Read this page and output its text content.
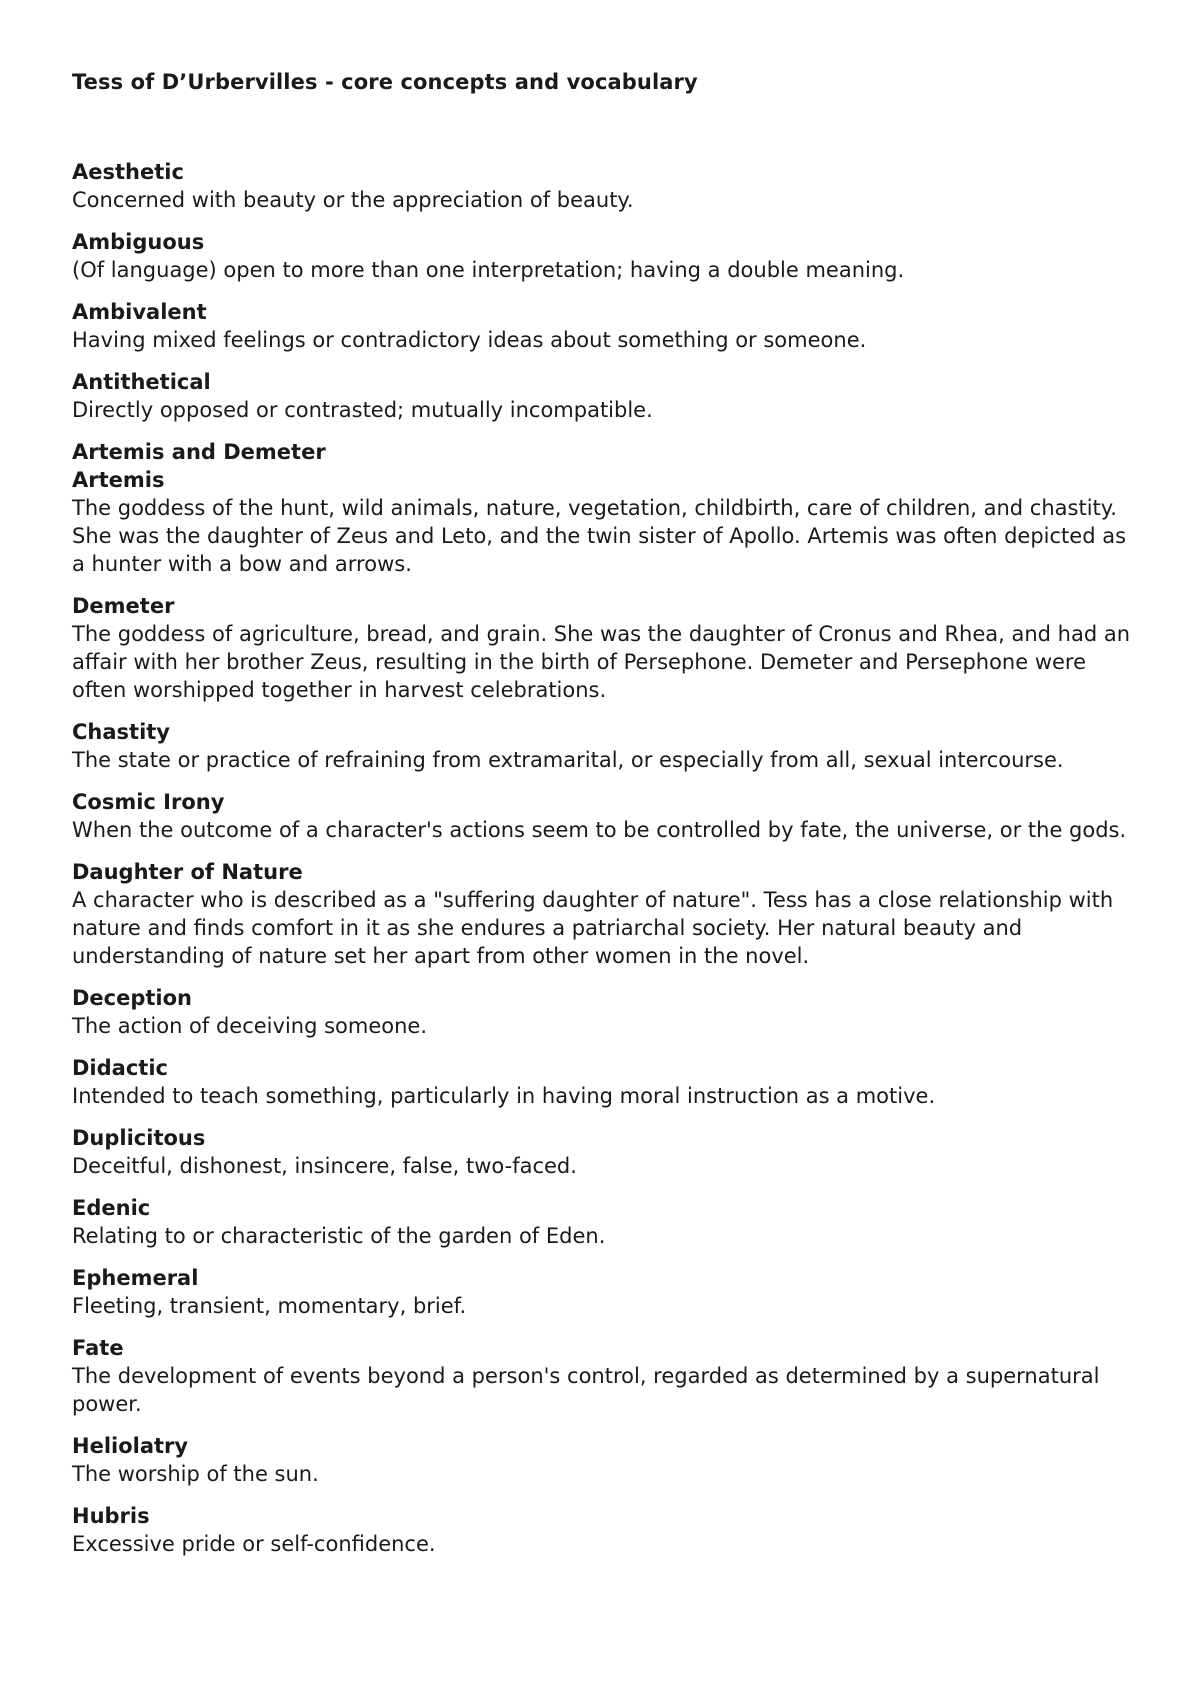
Tess of D’Urbervilles - core concepts and vocabulary
Aesthetic
Concerned with beauty or the appreciation of beauty.
Ambiguous
(Of language) open to more than one interpretation; having a double meaning.
Ambivalent
Having mixed feelings or contradictory ideas about something or someone.
Antithetical
Directly opposed or contrasted; mutually incompatible.
Artemis and Demeter
Artemis
The goddess of the hunt, wild animals, nature, vegetation, childbirth, care of children, and chastity. She was the daughter of Zeus and Leto, and the twin sister of Apollo. Artemis was often depicted as a hunter with a bow and arrows.
Demeter
The goddess of agriculture, bread, and grain. She was the daughter of Cronus and Rhea, and had an affair with her brother Zeus, resulting in the birth of Persephone. Demeter and Persephone were often worshipped together in harvest celebrations.
Chastity
The state or practice of refraining from extramarital, or especially from all, sexual intercourse.
Cosmic Irony
When the outcome of a character's actions seem to be controlled by fate, the universe, or the gods.
Daughter of Nature
A character who is described as a "suffering daughter of nature". Tess has a close relationship with nature and finds comfort in it as she endures a patriarchal society. Her natural beauty and understanding of nature set her apart from other women in the novel.
Deception
The action of deceiving someone.
Didactic
Intended to teach something, particularly in having moral instruction as a motive.
Duplicitous
Deceitful, dishonest, insincere, false, two-faced.
Edenic
Relating to or characteristic of the garden of Eden.
Ephemeral
Fleeting, transient, momentary, brief.
Fate
The development of events beyond a person's control, regarded as determined by a supernatural power.
Heliolatry
The worship of the sun.
Hubris
Excessive pride or self-confidence.
